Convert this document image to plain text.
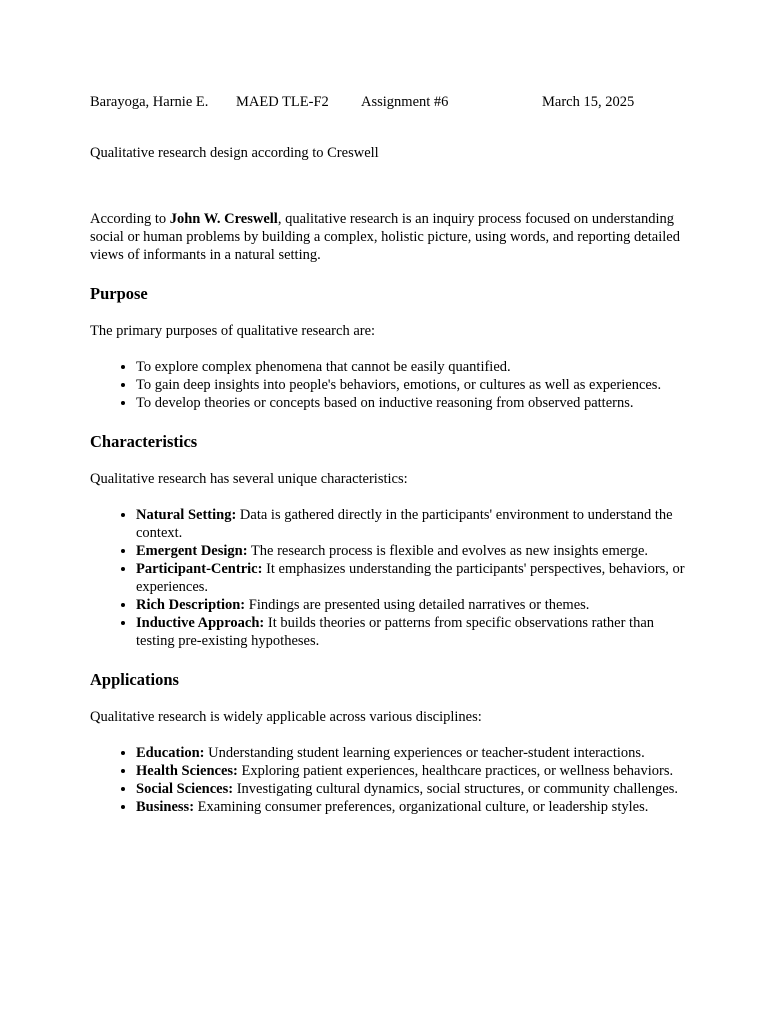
Barayoga, Harnie E. MAED TLE-F2 Assignment #6	March 15, 2025
Qualitative research design according to Creswell

According to John W. Creswell, qualitative research is an inquiry process focused on understanding social or human problems by building a complex, holistic picture, using words, and reporting detailed views of informants in a natural setting.

Purpose

The primary purposes of qualitative research are:

• To explore complex phenomena that cannot be easily quantified.
• To gain deep insights into people's behaviors, emotions, or cultures as well as experiences.
• To develop theories or concepts based on inductive reasoning from observed patterns.
Characteristics

Qualitative research has several unique characteristics:

• Natural Setting: Data is gathered directly in the participants' environment to understand the context.
• Emergent Design: The research process is flexible and evolves as new insights emerge.
• Participant-Centric: It emphasizes understanding the participants' perspectives, behaviors, or experiences.
• Rich Description: Findings are presented using detailed narratives or themes.
• Inductive Approach: It builds theories or patterns from specific observations rather than testing pre-existing hypotheses.
Applications

Qualitative research is widely applicable across various disciplines:

• Education: Understanding student learning experiences or teacher-student interactions.
• Health Sciences: Exploring patient experiences, healthcare practices, or wellness behaviors.
• Social Sciences: Investigating cultural dynamics, social structures, or community challenges.
• Business: Examining consumer preferences, organizational culture, or leadership styles.
